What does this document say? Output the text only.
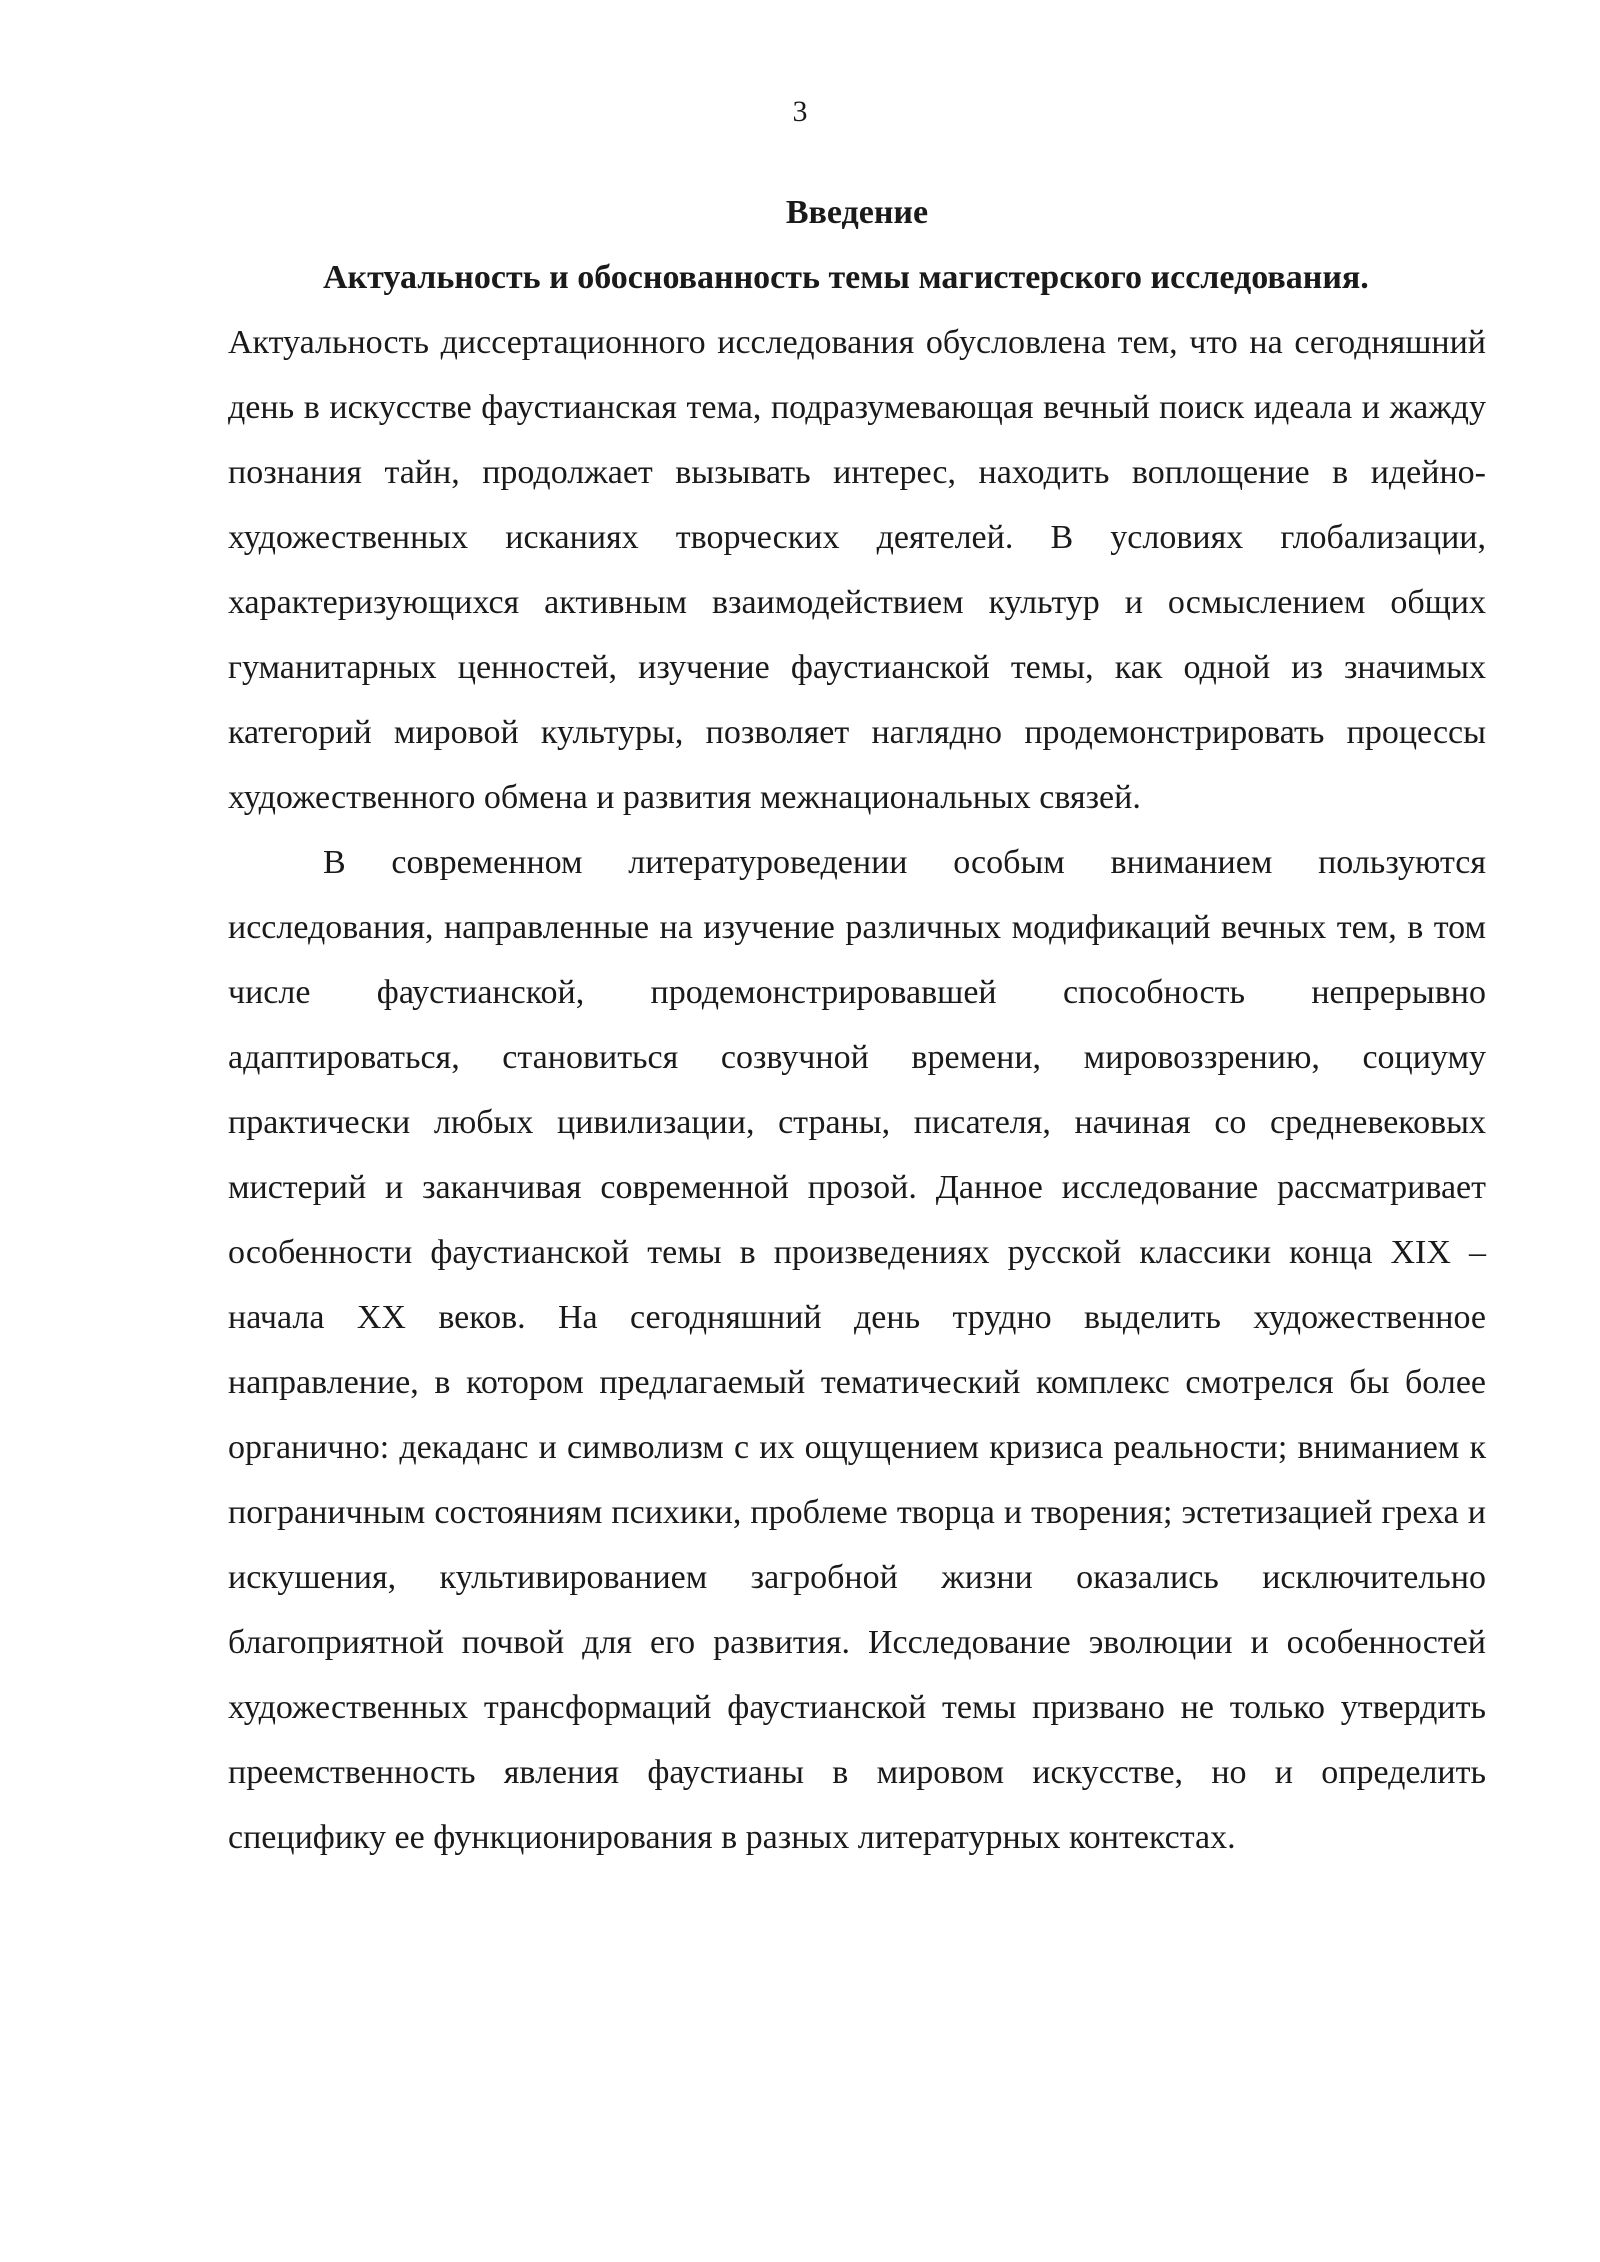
3

Введение

Актуальность и обоснованность темы магистерского исследования.

Актуальность диссертационного исследования обусловлена тем, что на сегодняшний день в искусстве фаустианская тема, подразумевающая вечный поиск идеала и жажду познания тайн, продолжает вызывать интерес, находить воплощение в идейно-художественных исканиях творческих деятелей. В условиях глобализации, характеризующихся активным взаимодействием культур и осмыслением общих гуманитарных ценностей, изучение фаустианской темы, как одной из значимых категорий мировой культуры, позволяет наглядно продемонстрировать процессы художественного обмена и развития межнациональных связей.

В современном литературоведении особым вниманием пользуются исследования, направленные на изучение различных модификаций вечных тем, в том числе фаустианской, продемонстрировавшей способность непрерывно адаптироваться, становиться созвучной времени, мировоззрению, социуму практически любых цивилизации, страны, писателя, начиная со средневековых мистерий и заканчивая современной прозой. Данное исследование рассматривает особенности фаустианской темы в произведениях русской классики конца XIX – начала XX веков. На сегодняшний день трудно выделить художественное направление, в котором предлагаемый тематический комплекс смотрелся бы более органично: декаданс и символизм с их ощущением кризиса реальности; вниманием к пограничным состояниям психики, проблеме творца и творения; эстетизацией греха и искушения, культивированием загробной жизни оказались исключительно благоприятной почвой для его развития. Исследование эволюции и особенностей художественных трансформаций фаустианской темы призвано не только утвердить преемственность явления фаустианы в мировом искусстве, но и определить специфику ее функционирования в разных литературных контекстах.
